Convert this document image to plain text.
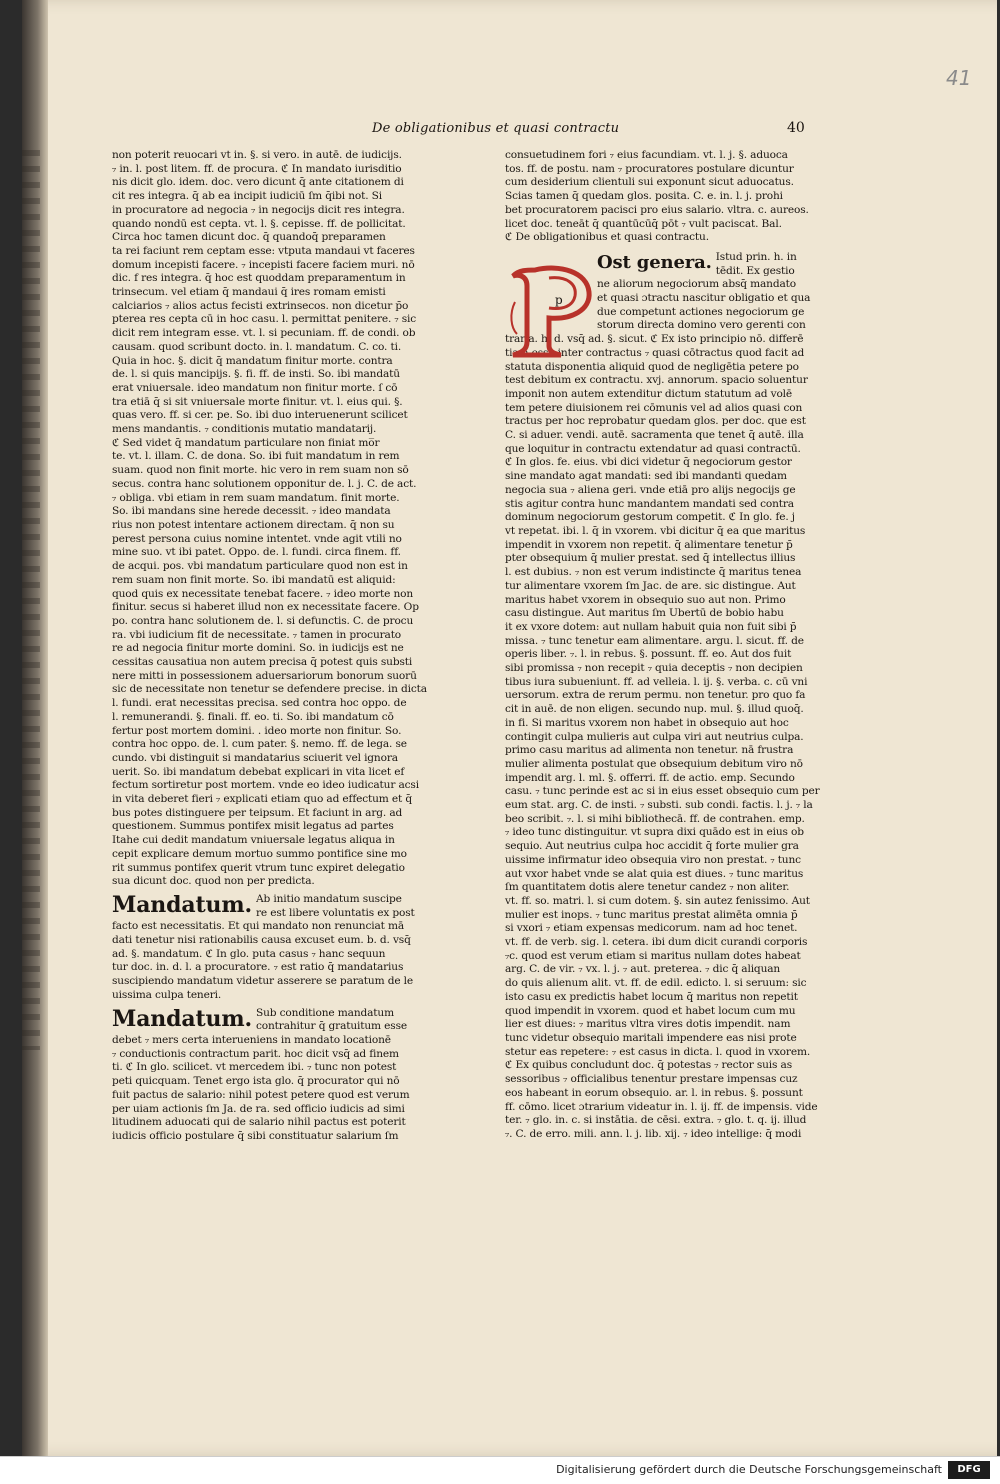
41
De obligationibus et quasi contractu	40
non poterit reuocari vt in. §. si vero. in autē. de iudicijs.
₇ in. l. post litem. ff. de procura. ℭ In mandato iurisditio
nis dicit glo. idem. doc. vero dicunt q̄ ante citationem di
cit res integra. q̄ ab ea incipit iudiciū ſm q̄ibi not. Si
in procuratore ad negocia ₇ in negocijs dicit res integra.
quando nondū est cepta. vt. l. §. cepisse. ff. de pollicitat.
Circa hoc tamen dicunt doc. q̄ quandoq̄ preparamen
ta rei faciunt rem ceptam esse: vtputa mandaui vt faceres
domum incepisti facere. ₇ incepisti facere faciem muri. nō
dic. f res integra. q̄ hoc est quoddam preparamentum in
trinsecum. vel etiam q̄ mandaui q̄ ires romam emisti
calciarios ₇ alios actus fecisti extrinsecos. non dicetur p̄o
pterea res cepta cū in hoc casu. l. permittat penitere. ₇ sic
dicit rem integram esse. vt. l. si pecuniam. ff. de condi. ob
causam. quod scribunt docto. in. l. mandatum. C. co. ti.
Quia in hoc. §. dicit q̄ mandatum finitur morte. contra
de. l. si quis mancipijs. §. fi. ff. de insti. So. ibi mandatū
erat vniuersale. ideo mandatum non finitur morte. ſ cō
tra etiā q̄ si sit vniuersale morte finitur. vt. l. eius qui. §.
quas vero. ff. si cer. pe. So. ibi duo interuenerunt scilicet
mens mandantis. ₇ conditionis mutatio mandatarij.
ℭ Sed videt q̄ mandatum particulare non finiat mo̅r
te. vt. l. illam. C. de dona. So. ibi fuit mandatum in rem
suam. quod non finit morte. hic vero in rem suam non sō
secus. contra hanc solutionem opponitur de. l. j. C. de act.
₇ obliga. vbi etiam in rem suam mandatum. finit morte.
So. ibi mandans sine herede decessit. ₇ ideo mandata
rius non potest intentare actionem directam. q̄ non su
perest persona cuius nomine intentet. vnde agit vtili no
mine suo. vt ibi patet. Oppo. de. l. fundi. circa finem. ff.
de acqui. pos. vbi mandatum particulare quod non est in
rem suam non finit morte. So. ibi mandatū est aliquid:
quod quis ex necessitate tenebat facere. ₇ ideo morte non
finitur. secus si haberet illud non ex necessitate facere. Op
po. contra hanc solutionem de. l. si defunctis. C. de procu
ra. vbi iudicium fit de necessitate. ₇ tamen in procurato
re ad negocia finitur morte domini. So. in iudicijs est ne
cessitas causatiua non autem precisa q̄ potest quis substi
nere mitti in possessionem aduersariorum bonorum suorū
sic de necessitate non tenetur se defendere precise. in dicta
l. fundi. erat necessitas precisa. sed contra hoc oppo. de
l. remunerandi. §. finali. ff. eo. ti. So. ibi mandatum cō
fertur post mortem domini. . ideo morte non finitur. So.
contra hoc oppo. de. l. cum pater. §. nemo. ff. de lega. se
cundo. vbi distinguit si mandatarius sciuerit vel ignora
uerit. So. ibi mandatum debebat explicari in vita licet ef
fectum sortiretur post mortem. vnde eo ideo iudicatur acsi
in vita deberet fieri ₇ explicati etiam quo ad effectum et q̄
bus potes distinguere per teipsum. Et faciunt in arg. ad
questionem. Summus pontifex misit legatus ad partes
Itahe cui dedit mandatum vniuersale legatus aliqua in
cepit explicare demum mortuo summo pontifice sine mo
rit summus pontifex querit vtrum tunc expiret delegatio
sua dicunt doc. quod non per predicta.
Mandatum. Ab initio mandatum suscipe
re est libere voluntatis ex post
facto est necessitatis. Et qui mandato non renunciat mā
dati tenetur nisi rationabilis causa excuset eum. b. d. vsq̄
ad. §. mandatum. ℭ In glo. puta casus ₇ hanc sequun
tur doc. in. d. l. a procuratore. ₇ est ratio q̄ mandatarius
suscipiendo mandatum videtur asserere se paratum de le
uissima culpa teneri.
Mandatum. Sub conditione mandatum
contrahitur q̄ gratuitum esse
debet ₇ mers certa interueniens in mandato locationē
₇ conductionis contractum parit. hoc dicit vsq̄ ad finem
ti. ℭ In glo. scilicet. vt mercedem ibi. ₇ tunc non potest
peti quicquam. Tenet ergo ista glo. q̄ procurator qui nō
fuit pactus de salario: nihil potest petere quod est verum
per uiam actionis ſm Ja. de ra. sed officio iudicis ad simi
litudinem aduocati qui de salario nihil pactus est poterit
iudicis officio postulare q̄ sibi constituatur salarium ſm
consuetudinem fori ₇ eius facundiam. vt. l. j. §. aduoca
tos. ff. de postu. nam ₇ procuratores postulare dicuntur
cum desiderium clientuli sui exponunt sicut aduocatus.
Scias tamen q̄ quedam glos. posita. C. e. in. l. j. prohi
bet procuratorem pacisci pro eius salario. vltra. c. aureos.
licet doc. teneāt q̄ quantūcūq̄ pōt ₇ vult paciscat. Bal.
ℭ De obligationibus et quasi contractu.
Ost genera. Istud prin. h. in
tēdit. Ex gestio
ne aliorum negociorum absq̄ mandato
et quasi ɔtractu nascitur obligatio et qua
due competunt actiones negociorum ge
storum directa domino vero gerenti con
traria. h. d. vsq̄ ad. §. sicut. ℭ Ex isto principio nō. differē
tiam esse inter contractus ₇ quasi cōtractus quod facit ad
statuta disponentia aliquid quod de negligētia petere po
test debitum ex contractu. xvj. annorum. spacio soluentur
imponit non autem extenditur dictum statutum ad volē
tem petere diuisionem rei cōmunis vel ad alios quasi con
tractus per hoc reprobatur quedam glos. per doc. que est
C. si aduer. vendi. autē. sacramenta que tenet q̄ autē. illa
que loquitur in contractu extendatur ad quasi contractū.
ℭ In glos. fe. eius. vbi dici videtur q̄ negociorum gestor
sine mandato agat mandati: sed ibi mandanti quedam
negocia sua ₇ aliena geri. vnde etiā pro alijs negocijs ge
stis agitur contra hunc mandantem mandati sed contra
dominum negociorum gestorum competit. ℭ In glo. fe. j
vt repetat. ibi. l. q̄ in vxorem. vbi dicitur q̄ ea que maritus
impendit in vxorem non repetit. q̄ alimentare tenetur p̄
pter obsequium q̄ mulier prestat. sed q̄ intellectus illius
l. est dubius. ₇ non est verum indistincte q̄ maritus tenea
tur alimentare vxorem ſm Jac. de are. sic distingue. Aut
maritus habet vxorem in obsequio suo aut non. Primo
casu distingue. Aut maritus ſm Ubertū de bobio habu
it ex vxore dotem: aut nullam habuit quia non fuit sibi p̄
missa. ₇ tunc tenetur eam alimentare. argu. l. sicut. ff. de
operis liber. ₇. l. in rebus. §. possunt. ff. eo. Aut dos fuit
sibi promissa ₇ non recepit ₇ quia deceptis ₇ non decipien
tibus iura subueniunt. ff. ad velleia. l. ij. §. verba. c. cū vni
uersorum. extra de rerum permu. non tenetur. pro quo fa
cit in auē. de non eligen. secundo nup. mul. §. illud quoq̄.
in fi. Si maritus vxorem non habet in obsequio aut hoc
contingit culpa mulieris aut culpa viri aut neutrius culpa.
primo casu maritus ad alimenta non tenetur. nā frustra
mulier alimenta postulat que obsequium debitum viro nō
impendit arg. l. ml. §. offerri. ff. de actio. emp. Secundo
casu. ₇ tunc perinde est ac si in eius esset obsequio cum per
eum stat. arg. C. de insti. ₇ substi. sub condi. factis. l. j. ₇ la
beo scribit. ₇. l. si mihi bibliothecā. ff. de contrahen. emp.
₇ ideo tunc distinguitur. vt supra dixi quādo est in eius ob
sequio. Aut neutrius culpa hoc accidit q̄ forte mulier gra
uissime infirmatur ideo obsequia viro non prestat. ₇ tunc
aut vxor habet vnde se alat quia est diues. ₇ tunc maritus
ſm quantitatem dotis alere tenetur candez ₇ non aliter.
vt. ff. so. matri. l. si cum dotem. §. sin autez fenissimo. Aut
mulier est inops. ₇ tunc maritus prestat alimēta omnia p̄
si vxori ₇ etiam expensas medicorum. nam ad hoc tenet.
vt. ff. de verb. sig. l. cetera. ibi dum dicit curandi corporis
₇c. quod est verum etiam si maritus nullam dotes habeat
arg. C. de vir. ₇ vx. l. j. ₇ aut. preterea. ₇ dic q̄ aliquan
do quis alienum alit. vt. ff. de edil. edicto. l. si seruum: sic
isto casu ex predictis habet locum q̄ maritus non repetit
quod impendit in vxorem. quod et habet locum cum mu
lier est diues: ₇ maritus vltra vires dotis impendit. nam
tunc videtur obsequio maritali impendere eas nisi prote
stetur eas repetere: ₇ est casus in dicta. l. quod in vxorem.
ℭ Ex quibus concludunt doc. q̄ potestas ₇ rector suis as
sessoribus ₇ officialibus tenentur prestare impensas cuz
eos habeant in eorum obsequio. ar. l. in rebus. §. possunt
ff. cōmo. licet ɔtrarium videatur in. l. ij. ff. de impensis. vide
ter. ₇ glo. in. c. si instātia. de cēsi. extra. ₇ glo. t. q. ij. illud
₇. C. de erro. mili. ann. l. j. lib. xij. ₇ ideo intellige: q̄ modi
p
Digitalisierung gefördert durch die Deutsche Forschungsgemeinschaft	DFG
